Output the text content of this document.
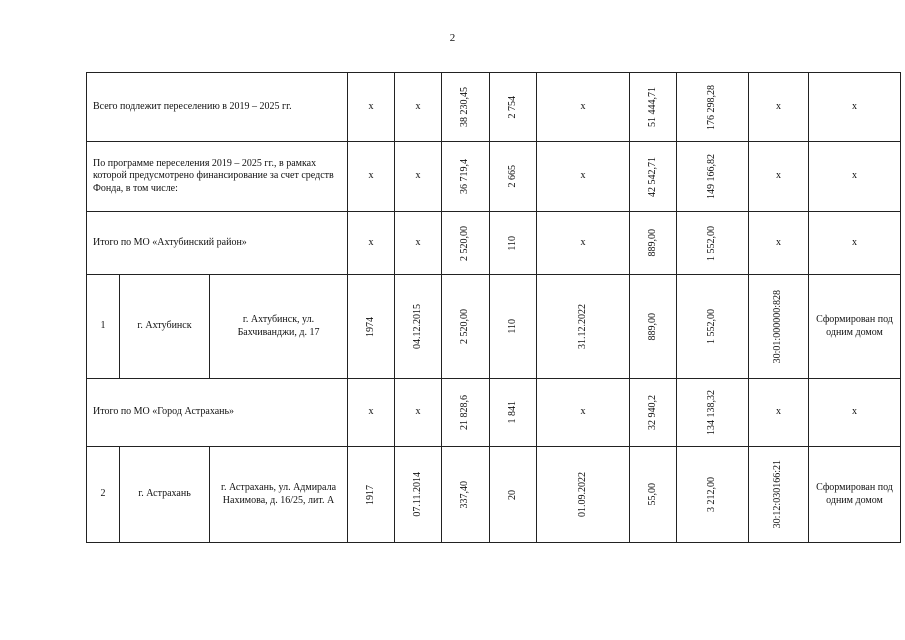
2
Всего подлежит переселению в 2019 – 2025 гг.			х	х	38 230,45	2 754	х	51 444,71	176 298,28	х	х
По программе переселения 2019 – 2025 гг., в рамках которой предусмотрено финансирование за счет средств Фонда, в том числе:			х	х	36 719,4	2 665	х	42 542,71	149 166,82	х	х
Итого по МО «Ахтубинский район»			х	х	2 520,00	110	х	889,00	1 552,00	х	х
1	г. Ахтубинск	г. Ахтубинск, ул. Бахчиванджи, д. 17	1974	04.12.2015	2 520,00	110	31.12.2022	889,00	1 552,00	30:01:000000:828	Сформирован под одним домом
Итого по МО «Город Астрахань»			х	х	21 828,6	1 841	х	32 940,2	134 138,32	х	х
2	г. Астрахань	г. Астрахань, ул. Адмирала Нахимова, д. 16/25, лит. А	1917	07.11.2014	337,40	20	01.09.2022	55,00	3 212,00	30:12:030166:21	Сформирован под одним домом
